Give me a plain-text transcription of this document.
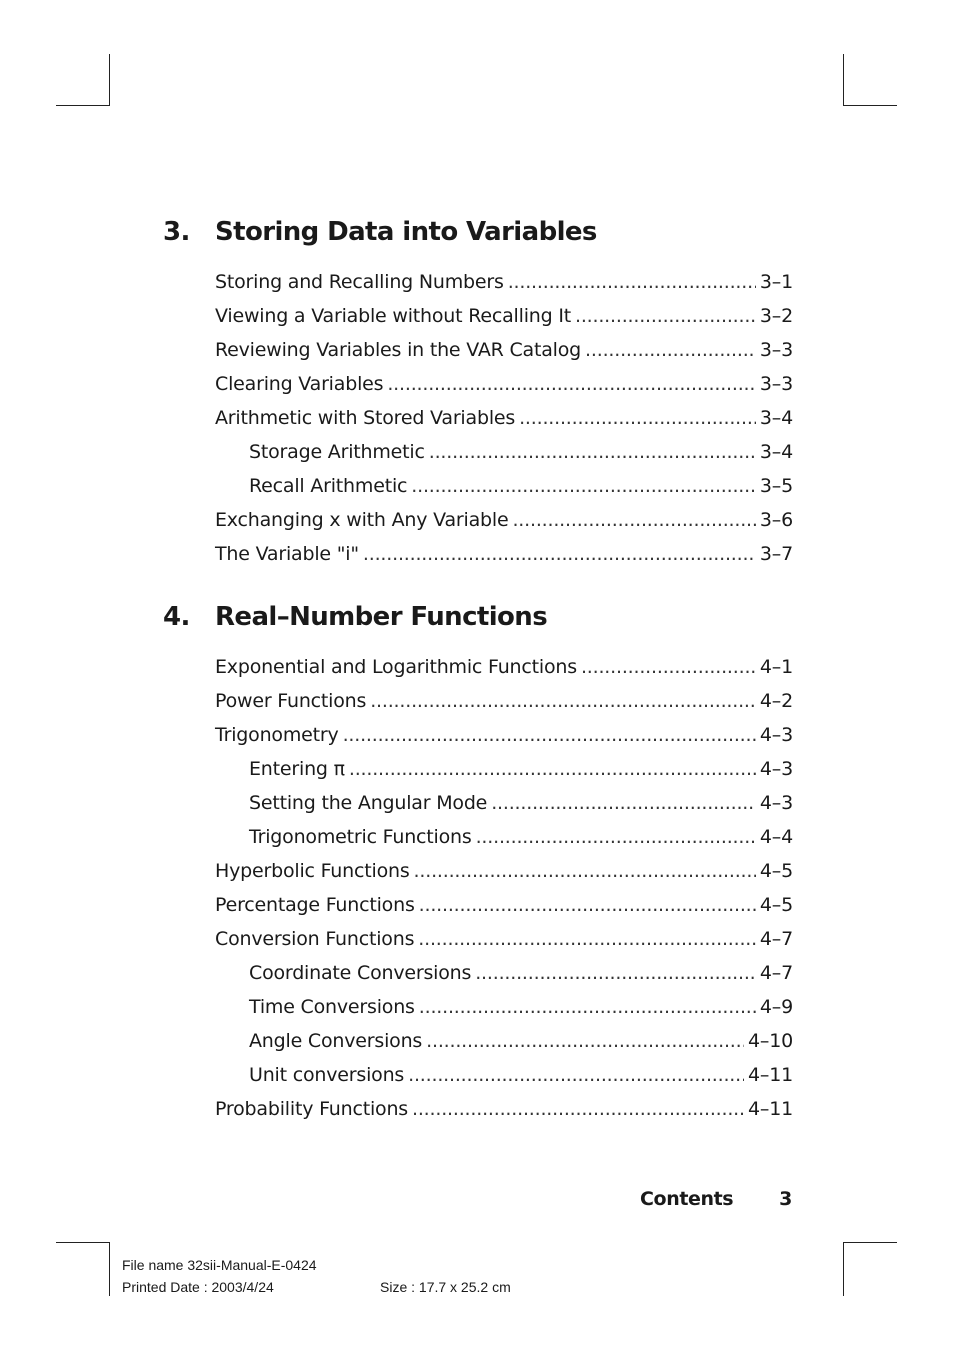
3. Storing Data into Variables
Storing and Recalling Numbers .....	3–1
Viewing a Variable without Recalling It .....	3–2
Reviewing Variables in the VAR Catalog .....	3–3
Clearing Variables .....	3–3
Arithmetic with Stored Variables .....	3–4
Storage Arithmetic .....	3–4
Recall Arithmetic .....	3–5
Exchanging x with Any Variable .....	3–6
The Variable "i" .....	3–7
4. Real–Number Functions
Exponential and Logarithmic Functions .....	4–1
Power Functions .....	4–2
Trigonometry .....	4–3
Entering π .....	4–3
Setting the Angular Mode .....	4–3
Trigonometric Functions .....	4–4
Hyperbolic Functions .....	4–5
Percentage Functions .....	4–5
Conversion Functions .....	4–7
Coordinate Conversions .....	4–7
Time Conversions .....	4–9
Angle Conversions .....	4–10
Unit conversions .....	4–11
Probability Functions .....	4–11
Contents 3
File name 32sii-Manual-E-0424
Printed Date : 2003/4/24	Size : 17.7 x 25.2 cm
